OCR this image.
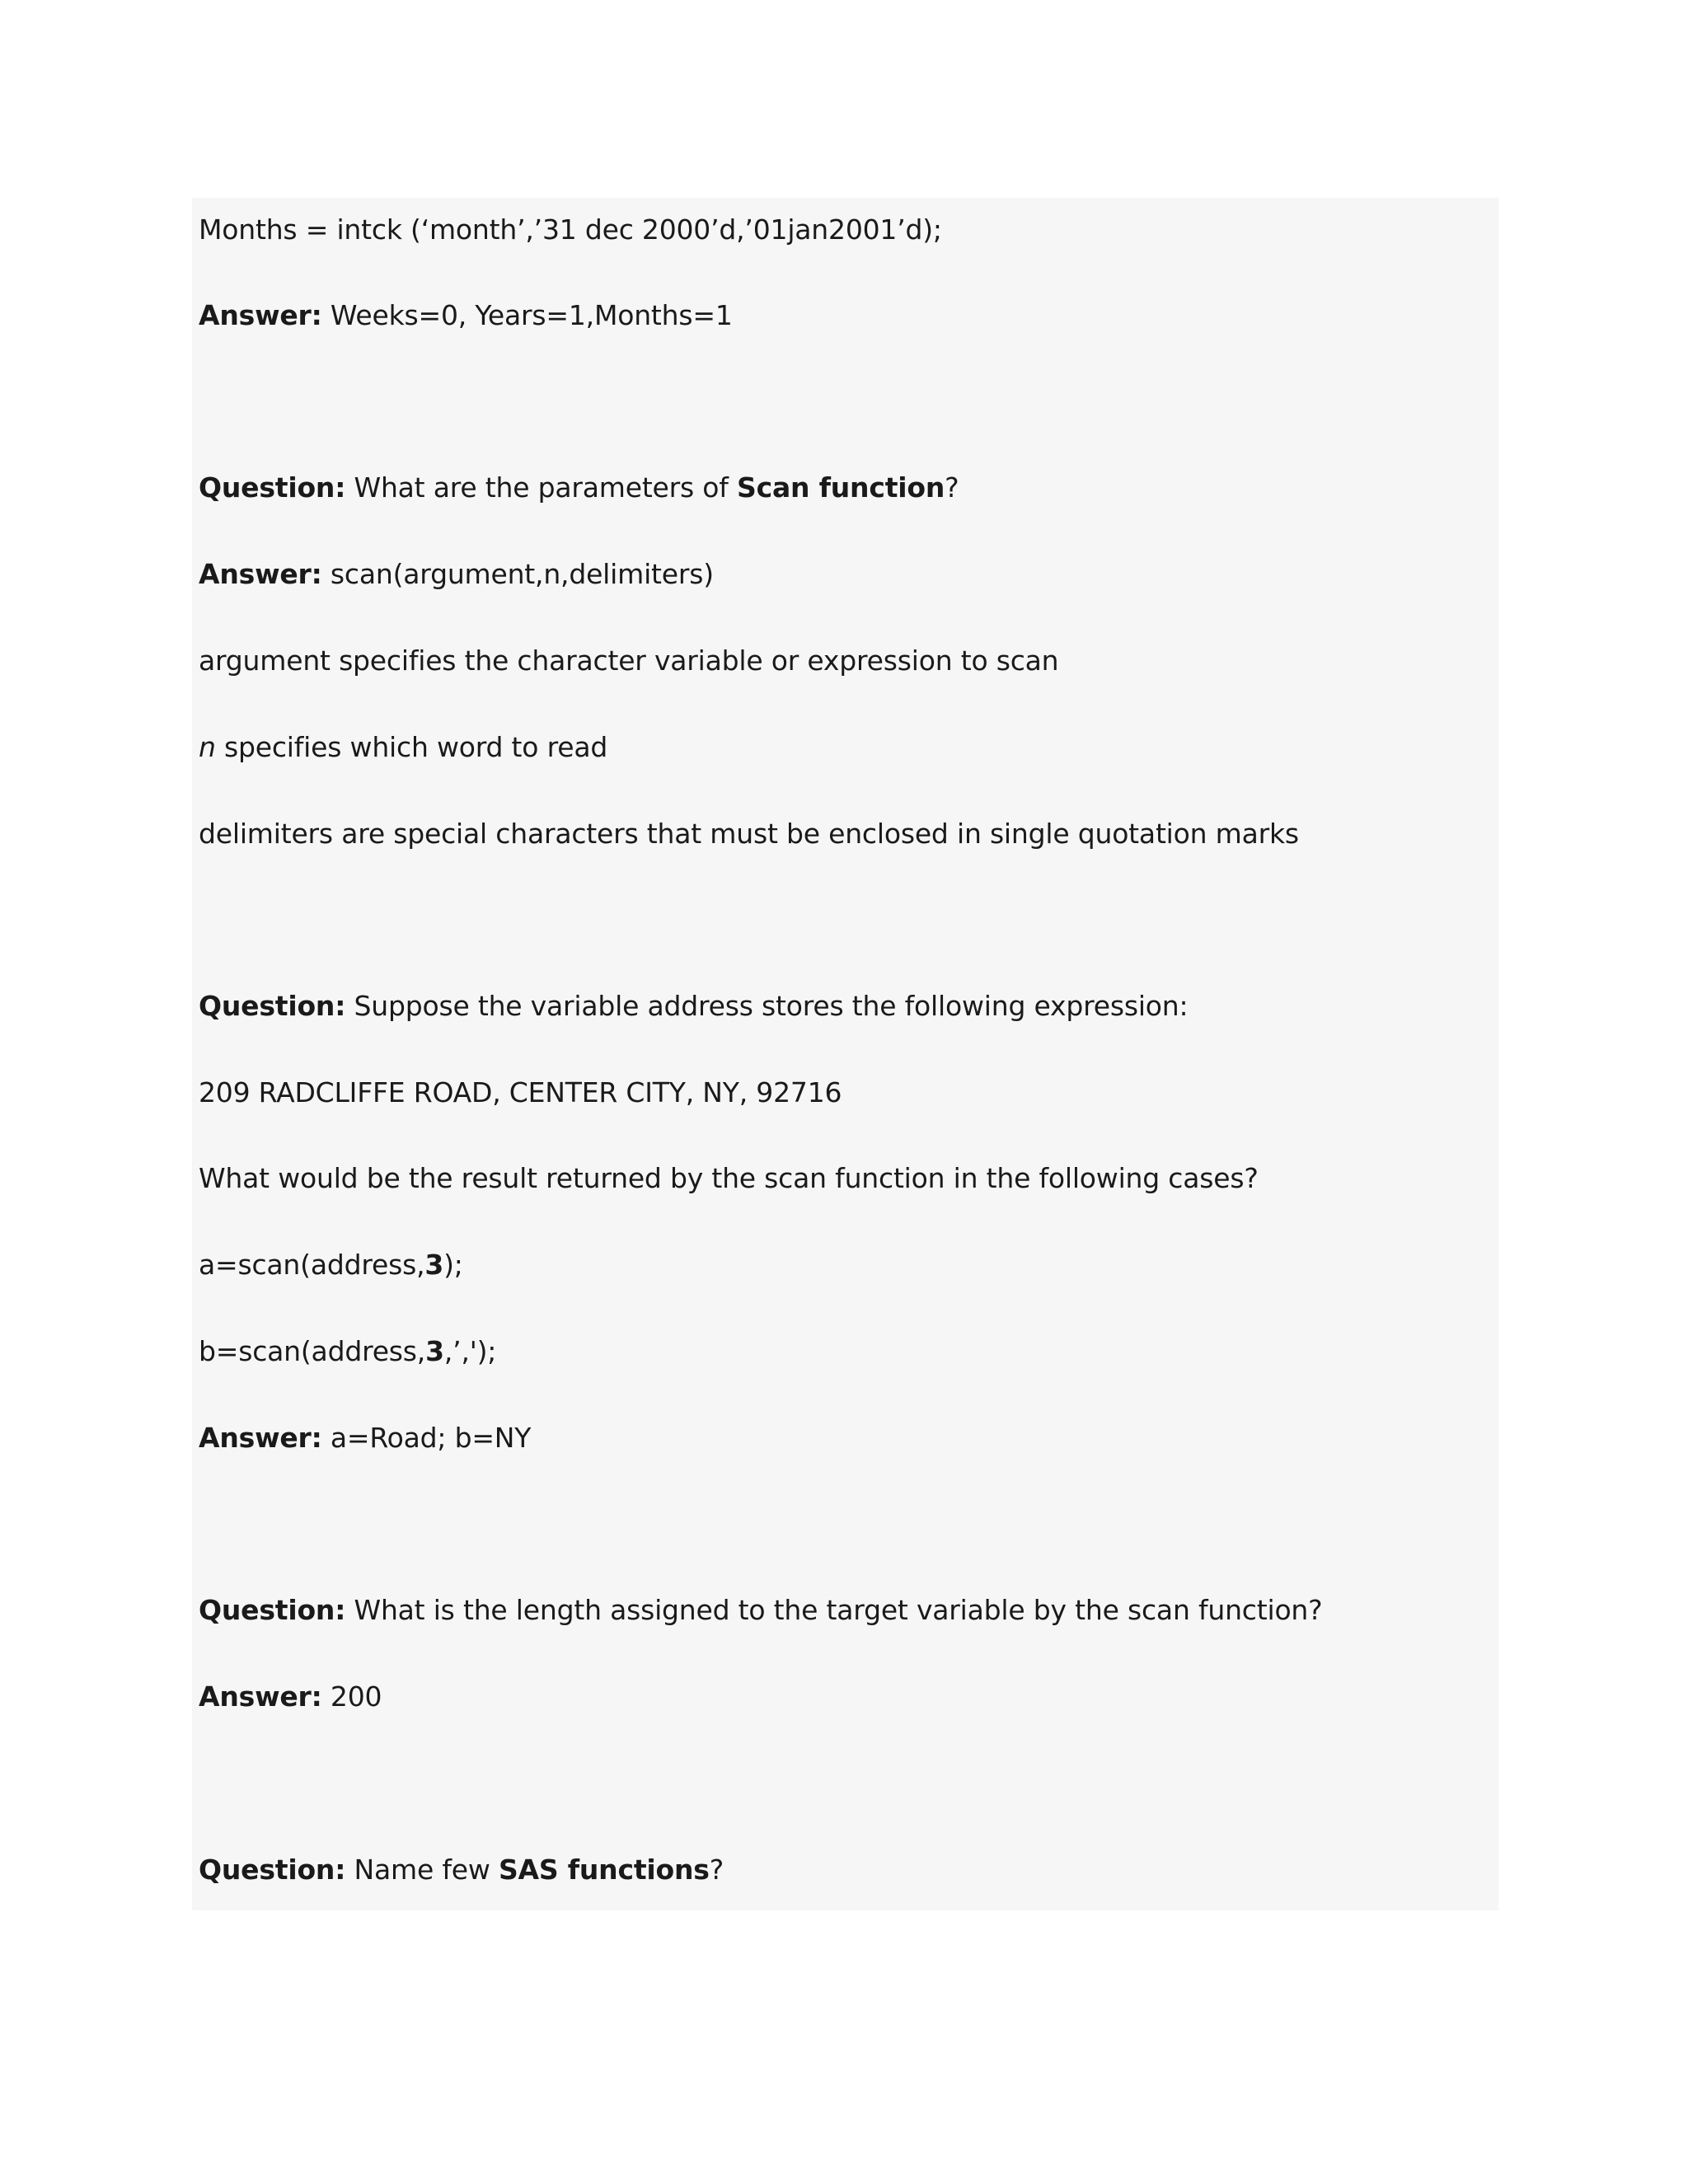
Months = intck (‘month’,’31 dec 2000’d,’01jan2001’d);
Answer: Weeks=0, Years=1,Months=1
Question: What are the parameters of Scan function?
Answer: scan(argument,n,delimiters)
argument specifies the character variable or expression to scan
n specifies which word to read
delimiters are special characters that must be enclosed in single quotation marks
Question: Suppose the variable address stores the following expression:
209 RADCLIFFE ROAD, CENTER CITY, NY, 92716
What would be the result returned by the scan function in the following cases?
a=scan(address,3);
b=scan(address,3,’,');
Answer: a=Road; b=NY
Question: What is the length assigned to the target variable by the scan function?
Answer: 200
Question: Name few SAS functions?
